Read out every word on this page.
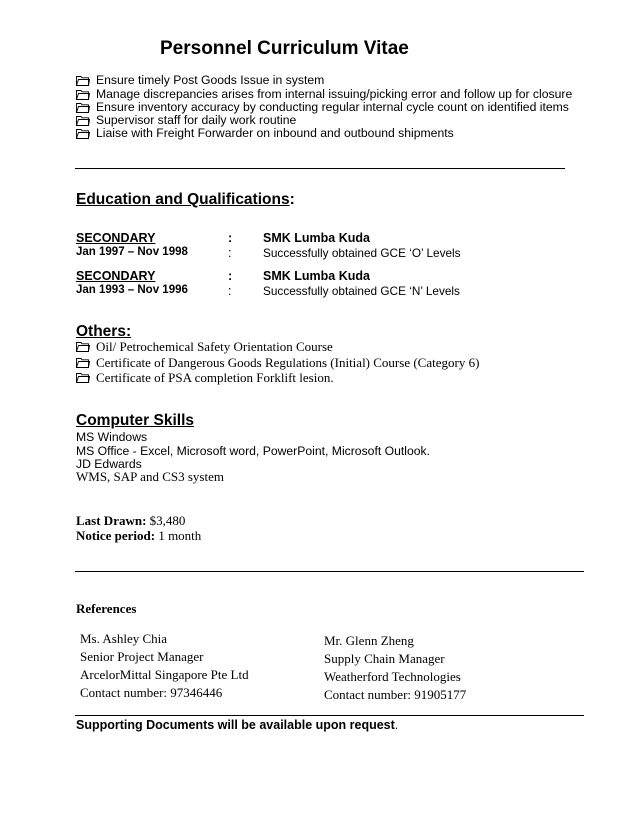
Personnel Curriculum Vitae
Ensure timely Post Goods Issue in system
Manage discrepancies arises from internal issuing/picking error and follow up for closure
Ensure inventory accuracy by conducting regular internal cycle count on identified items
Supervisor staff for daily work routine
Liaise with Freight Forwarder on inbound and outbound shipments
Education and Qualifications:
SECONDARY	: SMK Lumba Kuda
Jan 1997 – Nov 1998	:	Successfully obtained GCE ‘O’ Levels
SECONDARY	: SMK Lumba Kuda
Jan 1993 – Nov 1996	:	Successfully obtained GCE ‘N’ Levels
Others:
Oil/ Petrochemical Safety Orientation Course
Certificate of Dangerous Goods Regulations (Initial) Course (Category 6)
Certificate of PSA completion Forklift lesion.
Computer Skills
MS Windows
MS Office - Excel, Microsoft word, PowerPoint, Microsoft Outlook.
JD Edwards
WMS, SAP and CS3 system
Last Drawn: $3,480
Notice period: 1 month
References
Ms. Ashley Chia
Senior Project Manager
ArcelorMittal Singapore Pte Ltd
Contact number: 97346446
Mr. Glenn Zheng
Supply Chain Manager
Weatherford Technologies
Contact number: 91905177
Supporting Documents will be available upon request.
